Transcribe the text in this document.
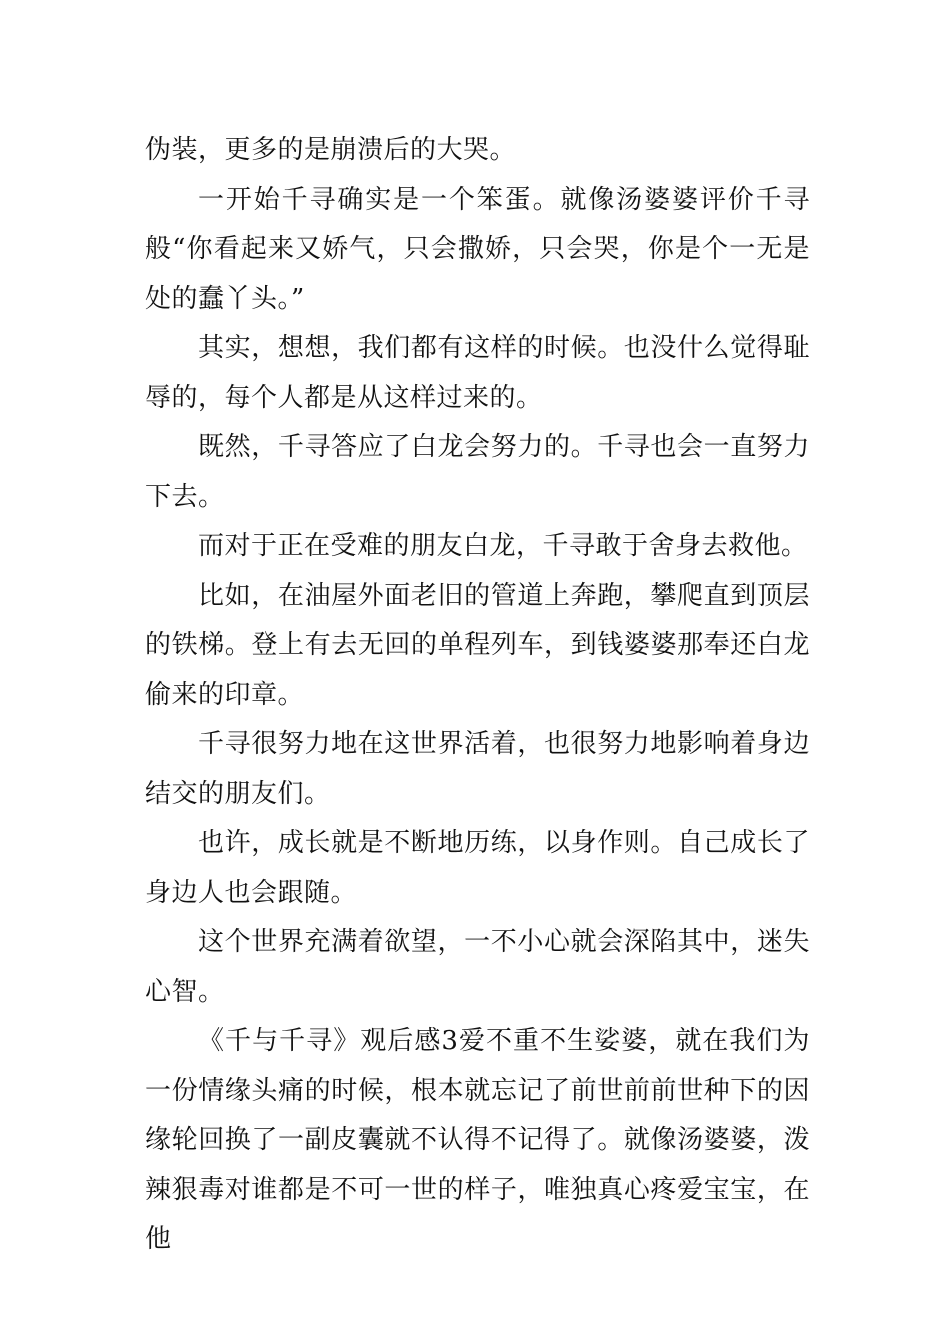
伪装，更多的是崩溃后的大哭。

一开始千寻确实是一个笨蛋。就像汤婆婆评价千寻般“你看起来又娇气，只会撒娇，只会哭，你是个一无是处的蠢丫头。”

其实，想想，我们都有这样的时候。也没什么觉得耻辱的，每个人都是从这样过来的。

既然，千寻答应了白龙会努力的。千寻也会一直努力下去。

而对于正在受难的朋友白龙，千寻敢于舍身去救他。

比如，在油屋外面老旧的管道上奔跑，攀爬直到顶层的铁梯。登上有去无回的单程列车，到钱婆婆那奉还白龙偷来的印章。

千寻很努力地在这世界活着，也很努力地影响着身边结交的朋友们。

也许，成长就是不断地历练，以身作则。自己成长了身边人也会跟随。

这个世界充满着欲望，一不小心就会深陷其中，迷失心智。

《千与千寻》观后感3爱不重不生娑婆，就在我们为一份情缘头痛的时候，根本就忘记了前世前前世种下的因缘轮回换了一副皮囊就不认得不记得了。就像汤婆婆，泼辣狠毒对谁都是不可一世的样子，唯独真心疼爱宝宝，在他
